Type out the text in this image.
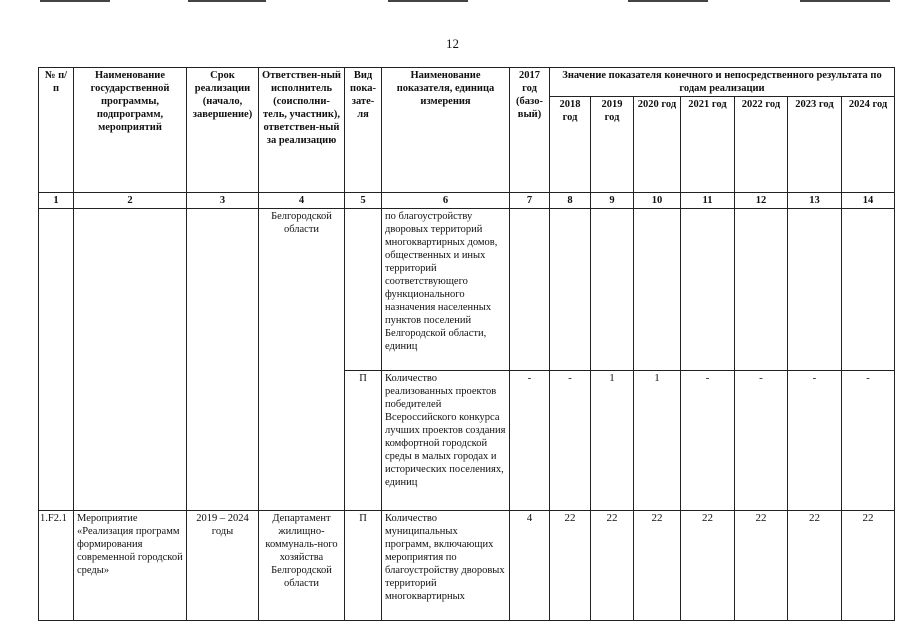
12
№ п/п	Наименование государственной программы, подпрограмм, мероприятий	Срок реализации (начало, завершение)	Ответствен-ный исполнитель (соисполни-тель, участник), ответствен-ный за реализацию	Вид пока-зате-ля	Наименование показателя, единица измерения	2017 год (базо-вый)	Значение показателя конечного и непосредственного результата по годам реализации						
							2018 год	2019 год	2020 год	2021 год	2022 год	2023 год	2024 год
1	2	3	4	5	6	7	8	9	10	11	12	13	14
			Белгородской области		по благоустройству дворовых территорий многоквартирных домов, общественных и иных территорий соответствующего функционального назначения населенных пунктов поселений Белгородской области, единиц								
				П	Количество реализованных проектов победителей Всероссийского конкурса лучших проектов создания комфортной городской среды в малых городах и исторических поселениях, единиц	-	-	1	1	-	-	-	-
1.F2.1	Мероприятие «Реализация программ формирования современной городской среды»	2019 – 2024 годы	Департамент жилищно-коммуналь-ного хозяйства Белгородской области	П	Количество муниципальных программ, включающих мероприятия по благоустройству дворовых территорий многоквартирных	4	22	22	22	22	22	22	22
